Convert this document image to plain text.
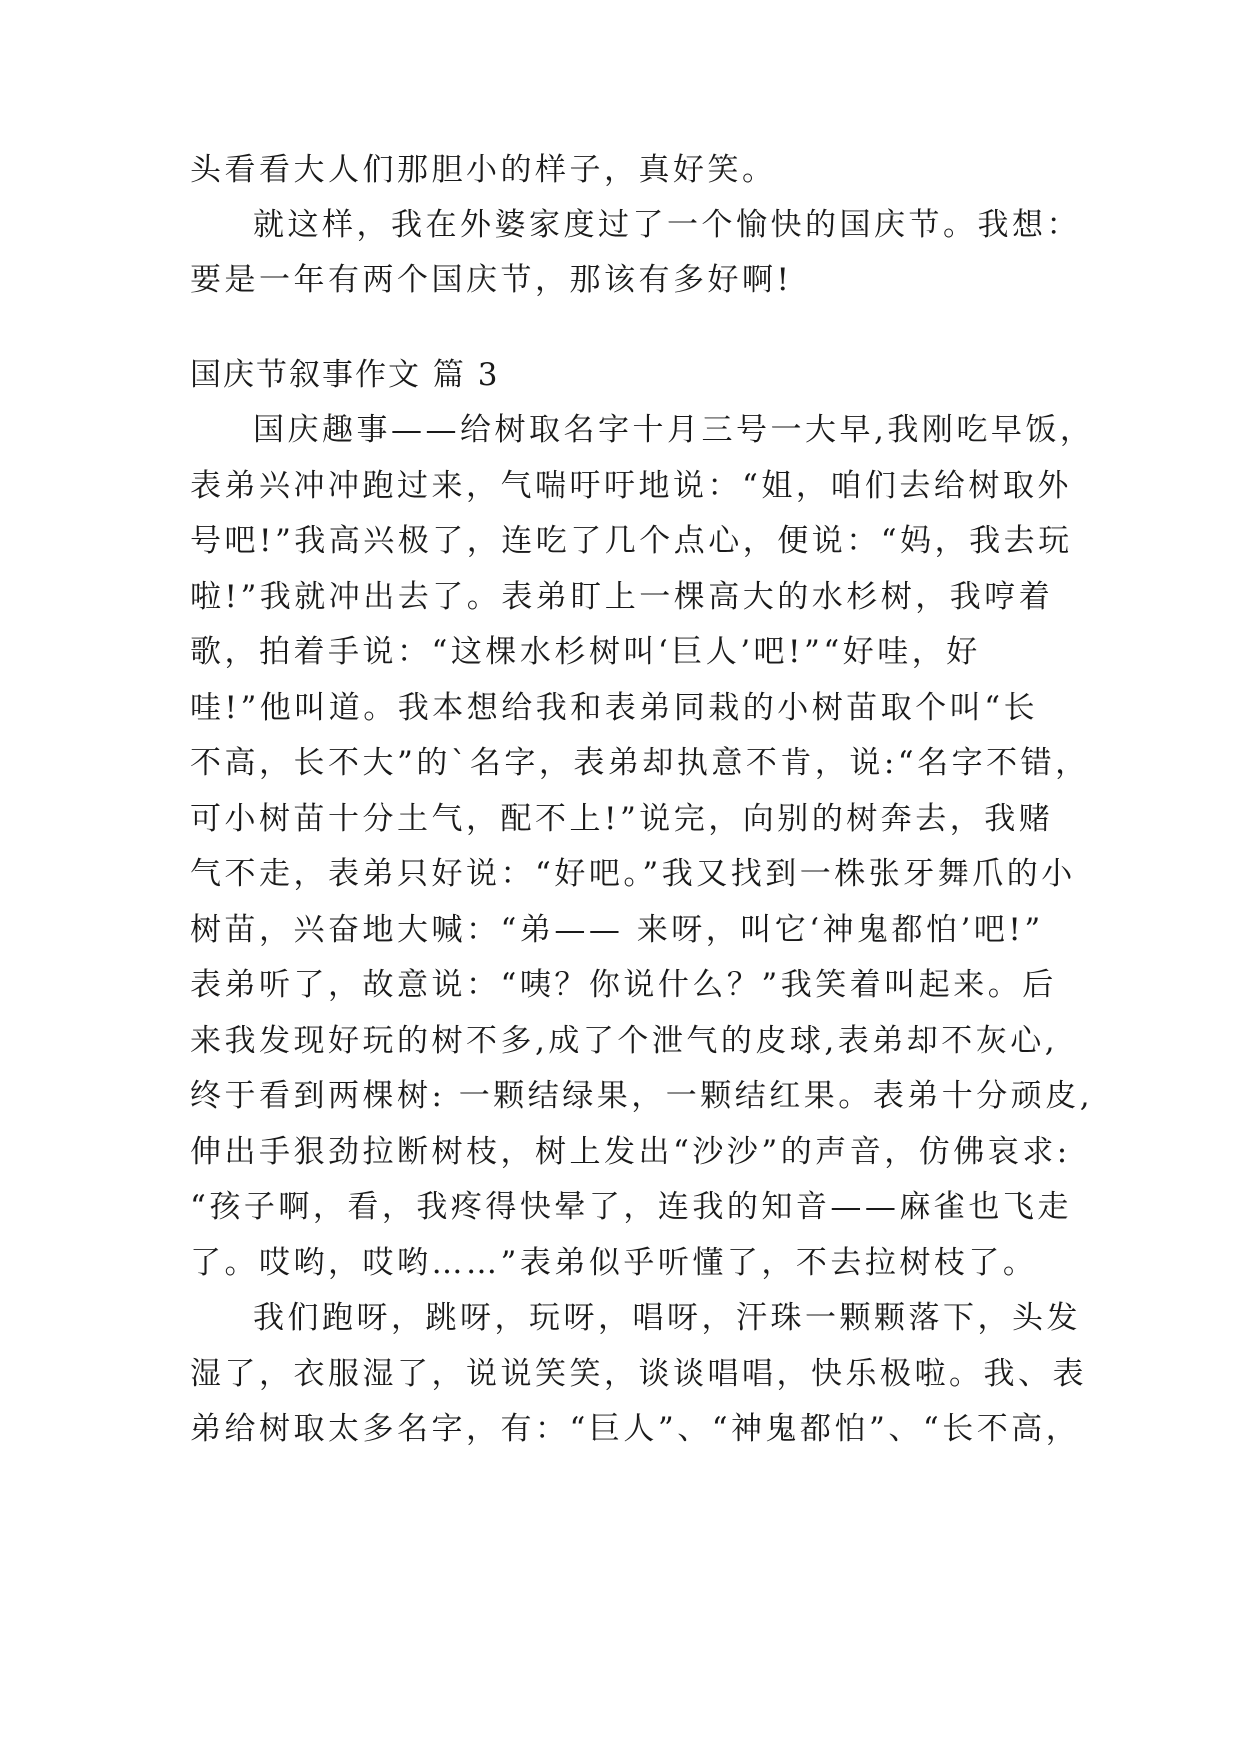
头看看大人们那胆小的样子，真好笑。
就这样，我在外婆家度过了一个愉快的国庆节。我想：
要是一年有两个国庆节，那该有多好啊!
国庆节叙事作文 篇 3
国庆趣事——给树取名字十月三号一大早,我刚吃早饭，
表弟兴冲冲跑过来，气喘吁吁地说：“姐，咱们去给树取外
号吧!”我高兴极了，连吃了几个点心，便说：“妈，我去玩
啦!”我就冲出去了。表弟盯上一棵高大的水杉树，我哼着
歌，拍着手说：“这棵水杉树叫‘巨人’吧!”“好哇，好
哇!”他叫道。我本想给我和表弟同栽的小树苗取个叫“长
不高，长不大”的`名字，表弟却执意不肯，说:“名字不错，
可小树苗十分土气，配不上!”说完，向别的树奔去，我赌
气不走，表弟只好说：“好吧。”我又找到一株张牙舞爪的小
树苗，兴奋地大喊：“弟—— 来呀，叫它‘神鬼都怕’吧!”
表弟听了，故意说：“咦？你说什么？”我笑着叫起来。后
来我发现好玩的树不多,成了个泄气的皮球,表弟却不灰心,
终于看到两棵树: 一颗结绿果，一颗结红果。表弟十分顽皮,
伸出手狠劲拉断树枝，树上发出“沙沙”的声音，仿佛哀求:
“孩子啊，看，我疼得快晕了，连我的知音——麻雀也飞走
了。哎哟，哎哟……”表弟似乎听懂了，不去拉树枝了。
我们跑呀，跳呀，玩呀，唱呀，汗珠一颗颗落下，头发
湿了，衣服湿了，说说笑笑，谈谈唱唱，快乐极啦。我、表
弟给树取太多名字，有：“巨人”、“神鬼都怕”、“长不高，
